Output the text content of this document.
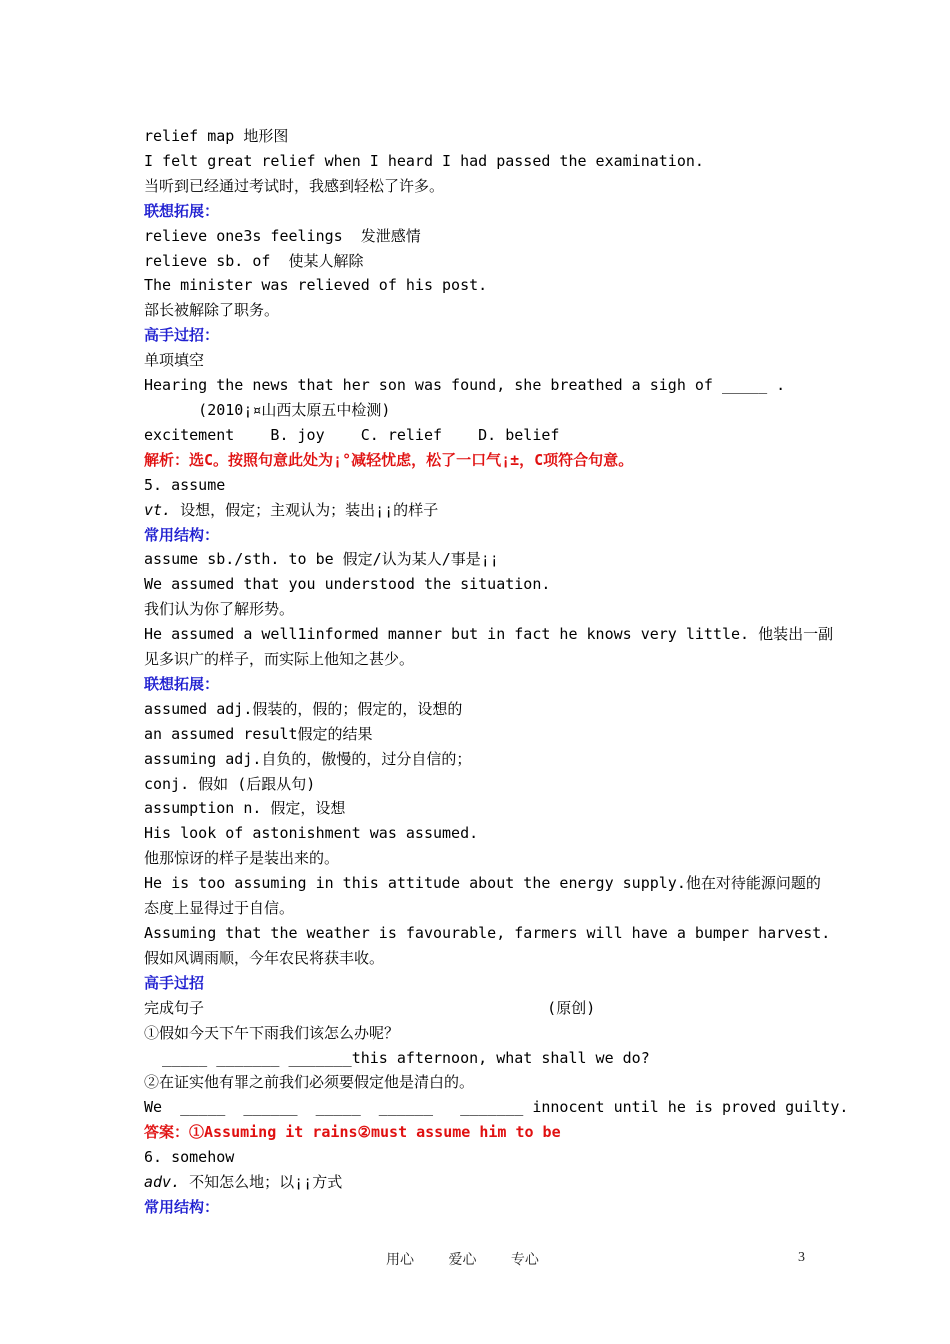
relief map 地形图

I felt great relief when I heard I had passed the examination.

当听到已经通过考试时，我感到轻松了许多。

联想拓展：

relieve one3s feelings  发泄感情

relieve sb. of  使某人解除

The minister was relieved of his post.

部长被解除了职务。

高手过招：

单项填空

Hearing the news that her son was found, she breathed a sigh of _____ .

(2010¡¤山西太原五中检测)

excitement    B. joy    C. relief    D. belief

解析：选C。按照句意此处为¡°减轻忧虑，松了一口气¡±，C项符合句意。

5. assume

vt. 设想，假定；主观认为；装出¡¡的样子

常用结构：

assume sb./sth. to be 假定/认为某人/事是¡¡

We assumed that you understood the situation.

我们认为你了解形势。

He assumed a well1informed manner but in fact he knows very little. 他装出一副

见多识广的样子，而实际上他知之甚少。

联想拓展：

assumed adj.假装的，假的；假定的，设想的

an assumed result假定的结果

assuming adj.自负的，傲慢的，过分自信的；

conj. 假如 (后跟从句)

assumption n. 假定，设想

His look of astonishment was assumed.

他那惊讶的样子是装出来的。

He is too assuming in this attitude about the energy supply.他在对待能源问题的

态度上显得过于自信。

Assuming that the weather is favourable, farmers will have a bumper harvest.

假如风调雨顺，今年农民将获丰收。

高手过招

完成句子                                      (原创)

①假如今天下午下雨我们该怎么办呢？

_____ _______ _______this afternoon, what shall we do?

②在证实他有罪之前我们必须要假定他是清白的。

We  _____  ______  _____  ______   _______ innocent until he is proved guilty.

答案：①Assuming it rains②must assume him to be

6. somehow

adv. 不知怎么地；以¡¡方式

常用结构：

用心 爱心 专心	3
